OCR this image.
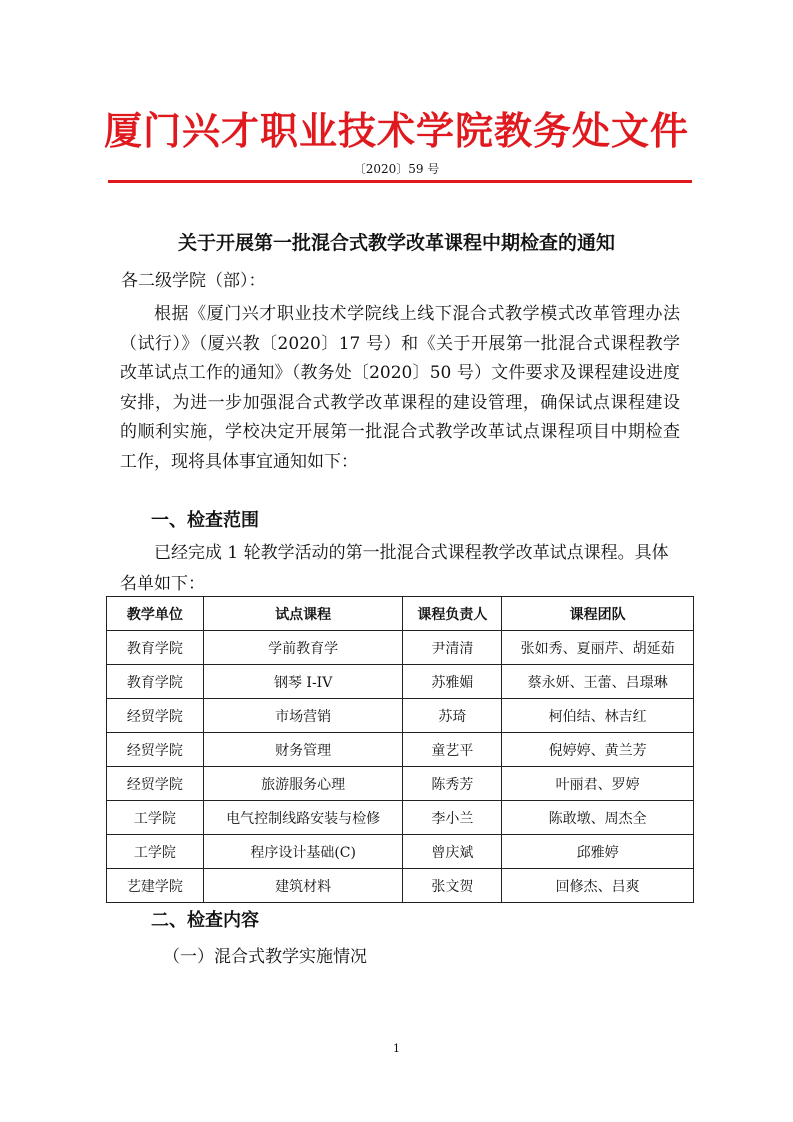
厦门兴才职业技术学院教务处文件
〔2020〕59 号
关于开展第一批混合式教学改革课程中期检查的通知
各二级学院（部）：
根据《厦门兴才职业技术学院线上线下混合式教学模式改革管理办法（试行）》（厦兴教〔2020〕17 号）和《关于开展第一批混合式课程教学改革试点工作的通知》（教务处〔2020〕50 号）文件要求及课程建设进度安排，为进一步加强混合式教学改革课程的建设管理，确保试点课程建设的顺利实施，学校决定开展第一批混合式教学改革试点课程项目中期检查工作，现将具体事宜通知如下：
一、检查范围
已经完成 1 轮教学活动的第一批混合式课程教学改革试点课程。具体名单如下：
教学单位	试点课程	课程负责人	课程团队
教育学院	学前教育学	尹清清	张如秀、夏丽芹、胡延茹
教育学院	钢琴 I-IV	苏雅媚	蔡永妍、王蕾、吕璟琳
经贸学院	市场营销	苏琦	柯伯结、林吉红
经贸学院	财务管理	童艺平	倪婷婷、黄兰芳
经贸学院	旅游服务心理	陈秀芳	叶丽君、罗婷
工学院	电气控制线路安装与检修	李小兰	陈敢墩、周杰全
工学院	程序设计基础(C)	曾庆斌	邱雅婷
艺建学院	建筑材料	张文贺	回修杰、吕爽
二、检查内容
（一）混合式教学实施情况
1
